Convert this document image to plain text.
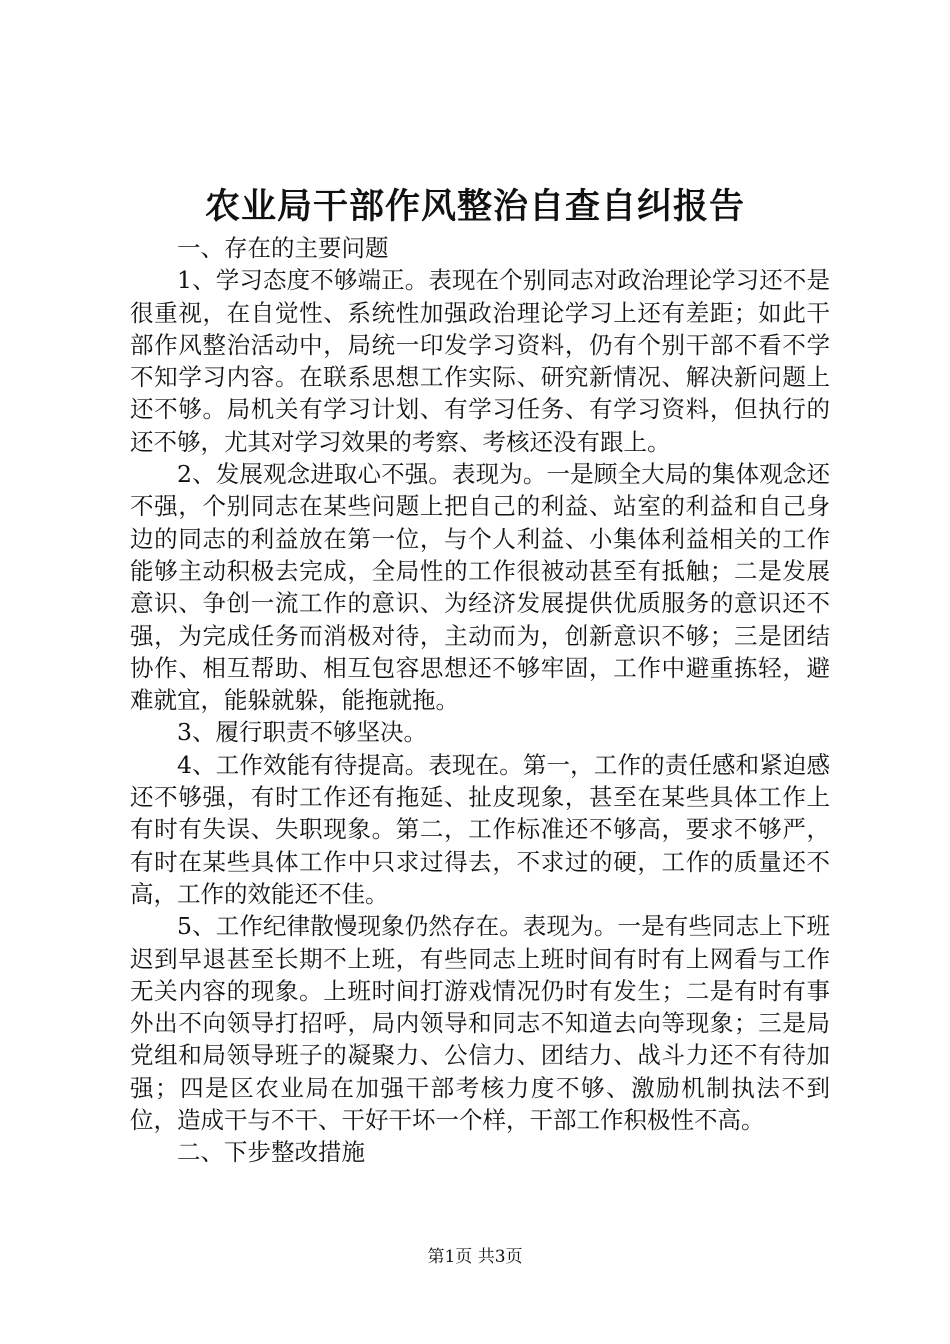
农业局干部作风整治自查自纠报告

一、存在的主要问题

1、学习态度不够端正。表现在个别同志对政治理论学习还不是很重视，在自觉性、系统性加强政治理论学习上还有差距；如此干部作风整治活动中，局统一印发学习资料，仍有个别干部不看不学不知学习内容。在联系思想工作实际、研究新情况、解决新问题上还不够。局机关有学习计划、有学习任务、有学习资料，但执行的还不够，尤其对学习效果的考察、考核还没有跟上。

2、发展观念进取心不强。表现为。一是顾全大局的集体观念还不强，个别同志在某些问题上把自己的利益、站室的利益和自己身边的同志的利益放在第一位，与个人利益、小集体利益相关的工作能够主动积极去完成，全局性的工作很被动甚至有抵触；二是发展意识、争创一流工作的意识、为经济发展提供优质服务的意识还不强，为完成任务而消极对待，主动而为，创新意识不够；三是团结协作、相互帮助、相互包容思想还不够牢固，工作中避重拣轻，避难就宜，能躲就躲，能拖就拖。

3、履行职责不够坚决。

4、工作效能有待提高。表现在。第一，工作的责任感和紧迫感还不够强，有时工作还有拖延、扯皮现象，甚至在某些具体工作上有时有失误、失职现象。第二，工作标准还不够高，要求不够严，有时在某些具体工作中只求过得去，不求过的硬，工作的质量还不高，工作的效能还不佳。

5、工作纪律散慢现象仍然存在。表现为。一是有些同志上下班迟到早退甚至长期不上班，有些同志上班时间有时有上网看与工作无关内容的现象。上班时间打游戏情况仍时有发生；二是有时有事外出不向领导打招呼，局内领导和同志不知道去向等现象；三是局党组和局领导班子的凝聚力、公信力、团结力、战斗力还不有待加强；四是区农业局在加强干部考核力度不够、激励机制执法不到位，造成干与不干、干好干坏一个样，干部工作积极性不高。

二、下步整改措施

第1页 共3页
